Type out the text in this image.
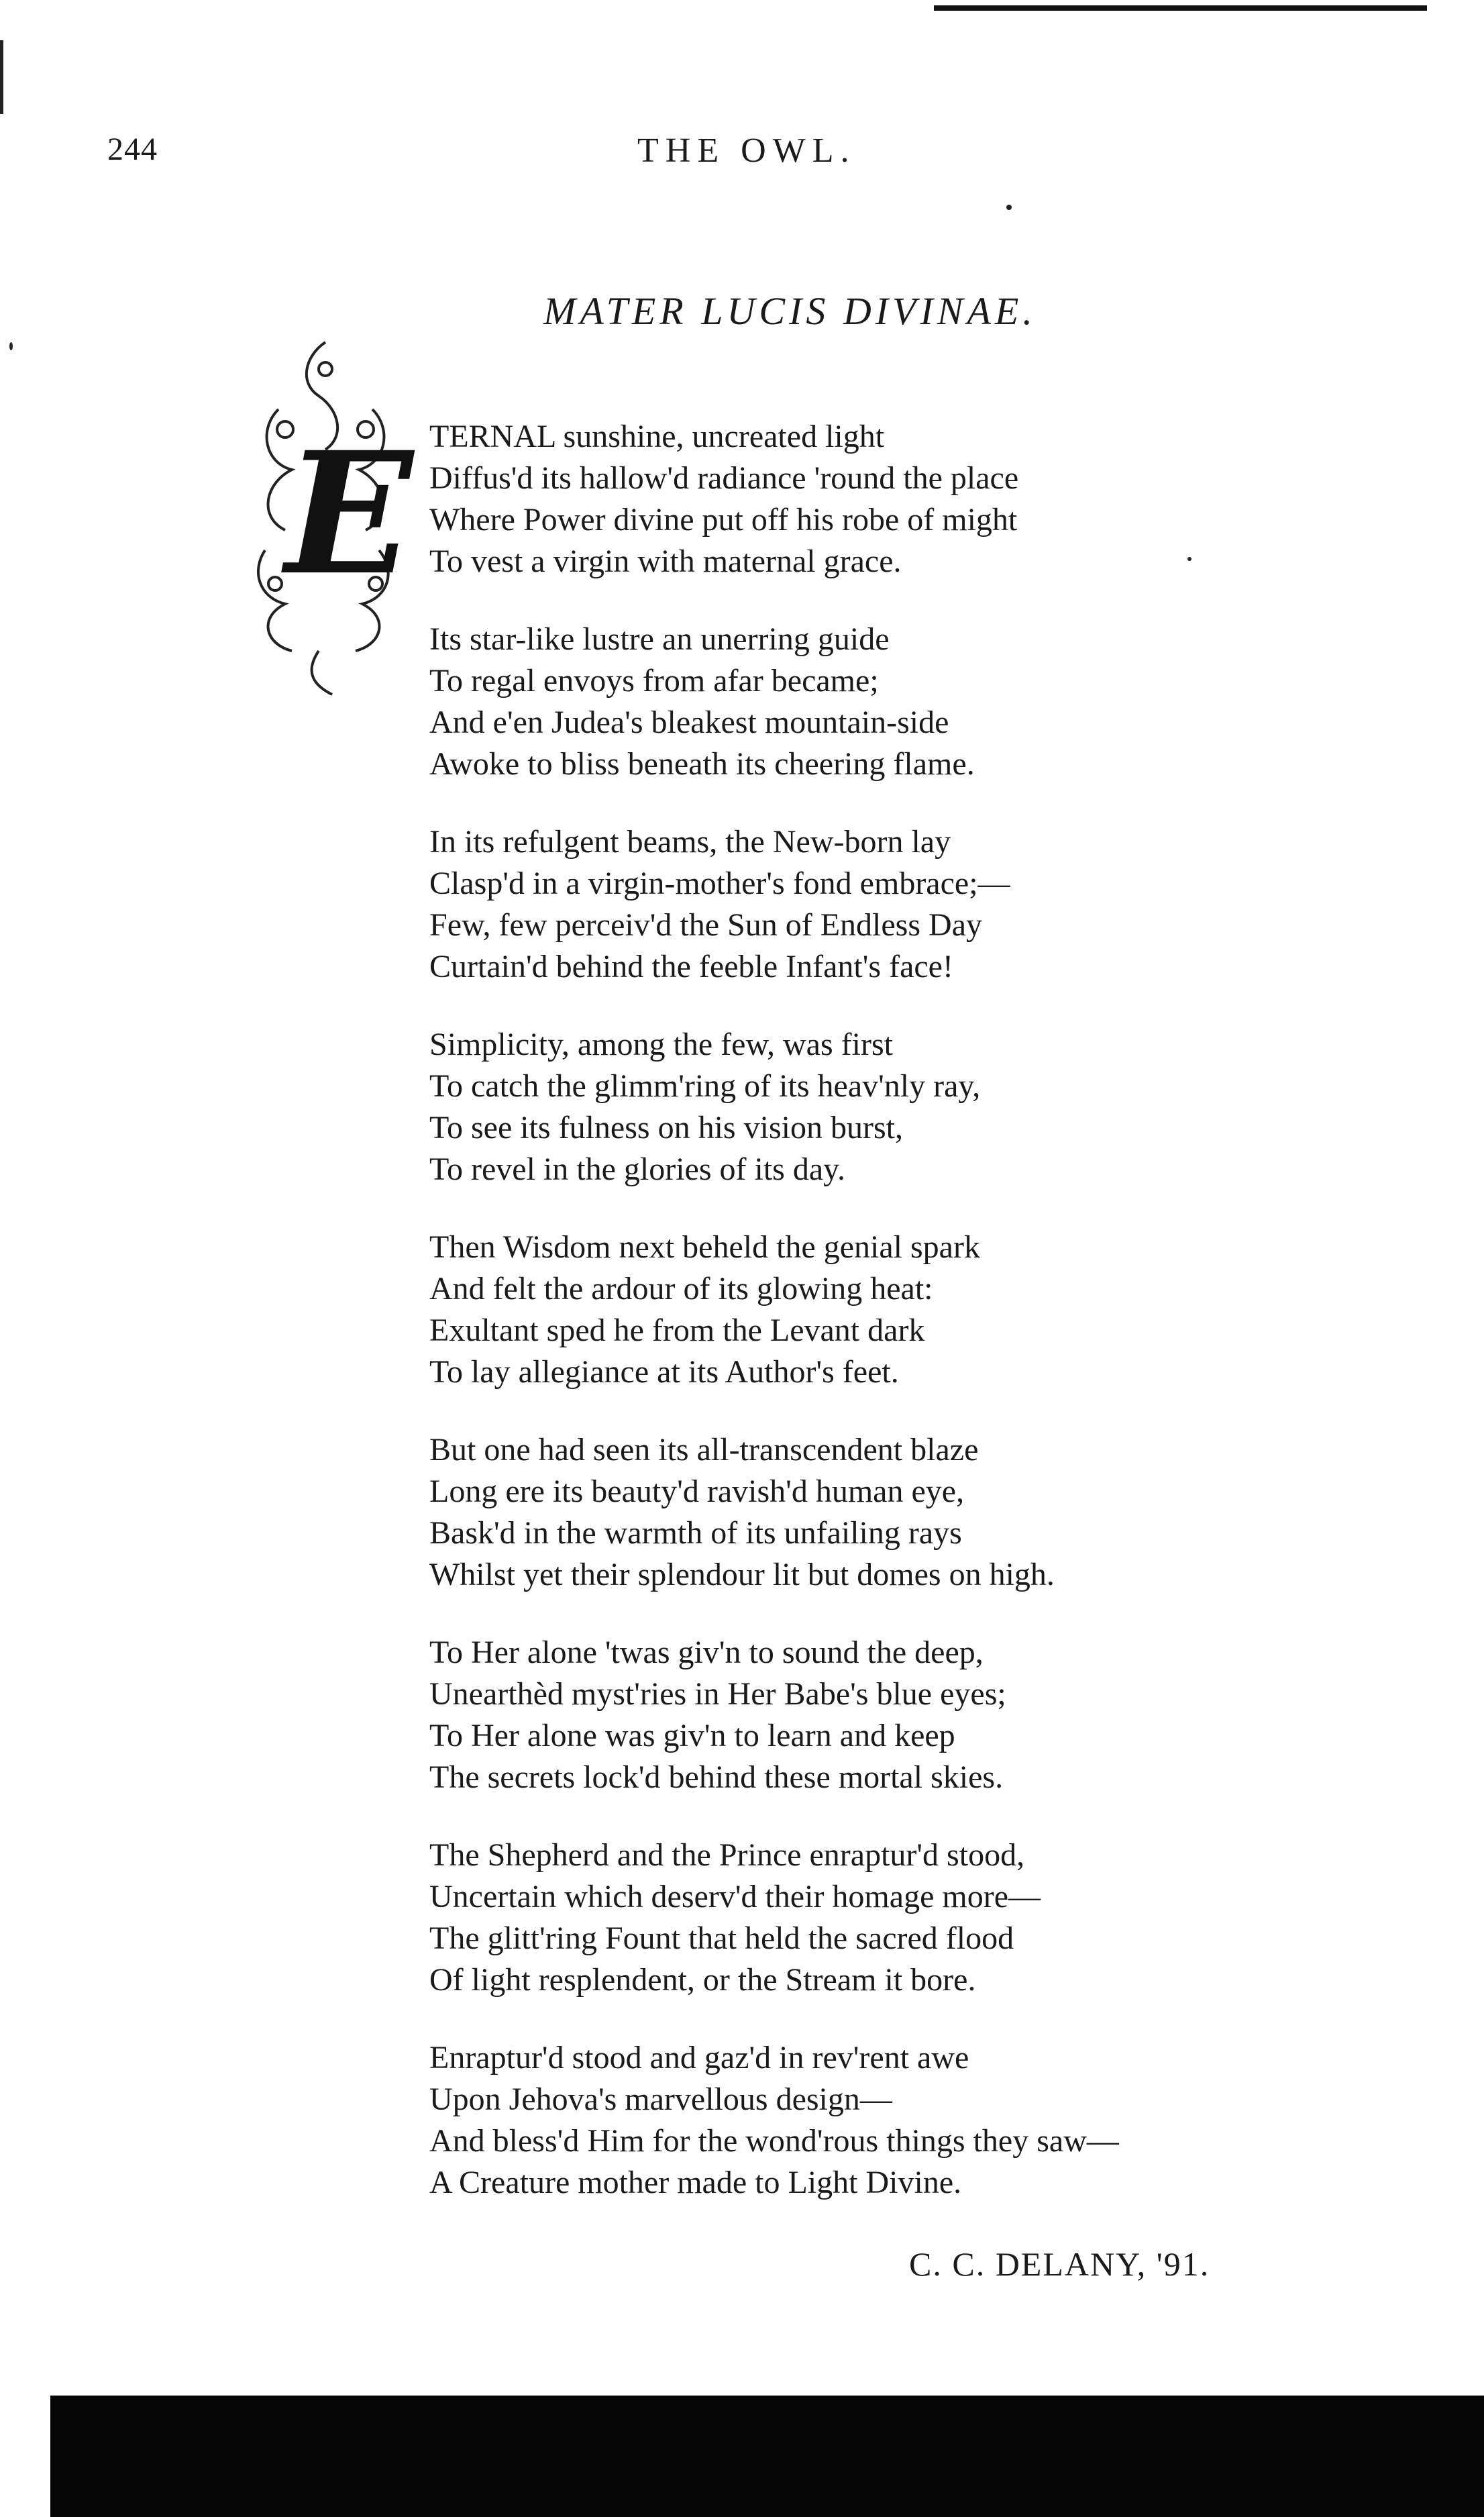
244	THE OWL.
MATER LUCIS DIVINAE.
E TERNAL sunshine, uncreated light
Diffus'd its hallow'd radiance 'round the place
Where Power divine put off his robe of might
To vest a virgin with maternal grace.
Its star-like lustre an unerring guide
To regal envoys from afar became;
And e'en Judea's bleakest mountain-side
Awoke to bliss beneath its cheering flame.
In its refulgent beams, the New-born lay
Clasp'd in a virgin-mother's fond embrace;—
Few, few perceiv'd the Sun of Endless Day
Curtain'd behind the feeble Infant's face!
Simplicity, among the few, was first
To catch the glimm'ring of its heav'nly ray,
To see its fulness on his vision burst,
To revel in the glories of its day.
Then Wisdom next beheld the genial spark
And felt the ardour of its glowing heat:
Exultant sped he from the Levant dark
To lay allegiance at its Author's feet.
But one had seen its all-transcendent blaze
Long ere its beauty'd ravish'd human eye,
Bask'd in the warmth of its unfailing rays
Whilst yet their splendour lit but domes on high.
To Her alone 'twas giv'n to sound the deep,
Unearthèd myst'ries in Her Babe's blue eyes;
To Her alone was giv'n to learn and keep
The secrets lock'd behind these mortal skies.
The Shepherd and the Prince enraptur'd stood,
Uncertain which deserv'd their homage more—
The glitt'ring Fount that held the sacred flood
Of light resplendent, or the Stream it bore.
Enraptur'd stood and gaz'd in rev'rent awe
Upon Jehova's marvellous design—
And bless'd Him for the wond'rous things they saw—
A Creature mother made to Light Divine.
C. C. DELANY, '91.
